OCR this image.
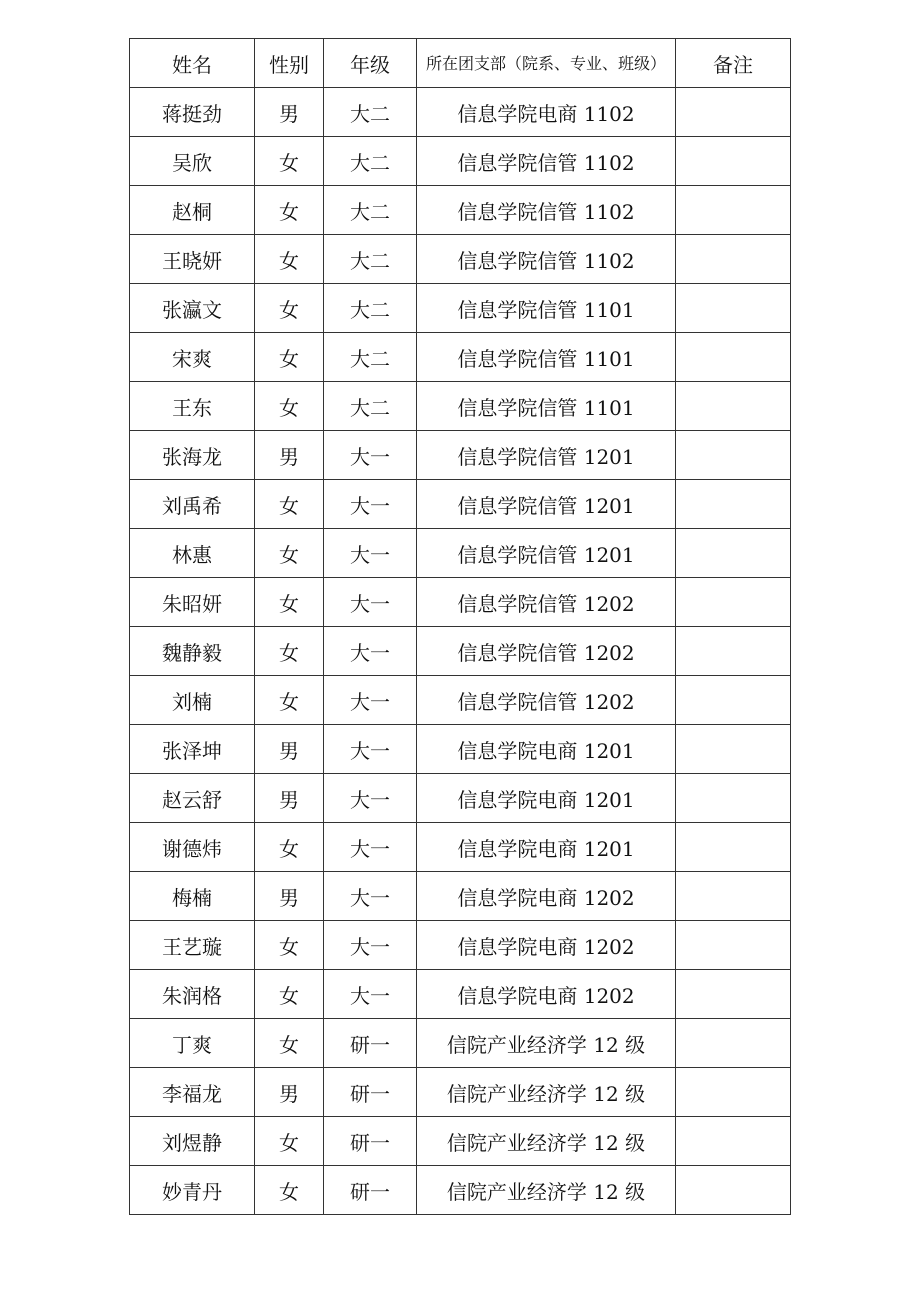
姓名	性别	年级	所在团支部（院系、专业、班级）	备注
蒋挺劲	男	大二	信息学院电商 1102	
吴欣	女	大二	信息学院信管 1102	
赵桐	女	大二	信息学院信管 1102	
王晓妍	女	大二	信息学院信管 1102	
张瀛文	女	大二	信息学院信管 1101	
宋爽	女	大二	信息学院信管 1101	
王东	女	大二	信息学院信管 1101	
张海龙	男	大一	信息学院信管 1201	
刘禹希	女	大一	信息学院信管 1201	
林惠	女	大一	信息学院信管 1201	
朱昭妍	女	大一	信息学院信管 1202	
魏静毅	女	大一	信息学院信管 1202	
刘楠	女	大一	信息学院信管 1202	
张泽坤	男	大一	信息学院电商 1201	
赵云舒	男	大一	信息学院电商 1201	
谢德炜	女	大一	信息学院电商 1201	
梅楠	男	大一	信息学院电商 1202	
王艺璇	女	大一	信息学院电商 1202	
朱润格	女	大一	信息学院电商 1202	
丁爽	女	研一	信院产业经济学 12 级	
李福龙	男	研一	信院产业经济学 12 级	
刘煜静	女	研一	信院产业经济学 12 级	
妙青丹	女	研一	信院产业经济学 12 级	
